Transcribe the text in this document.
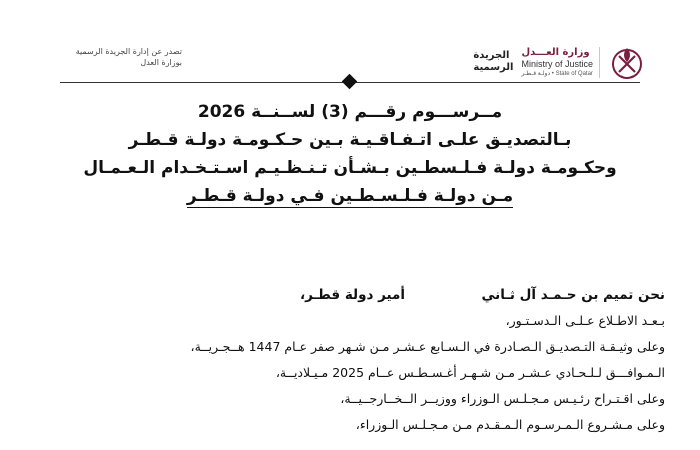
وزارة العـــدل
Ministry of Justice
State of Qatar • دولـة قـطـر
الجريدة
الرسمية
تصدر عن إدارة الجريدة الرسمية
بوزارة العدل
مــرســـوم رقـــم (3) لســنــة 2026
بـالتصديـق علـى اتـفـاقـيـة بـين حـكـومـة دولـة قـطـر
وحكـومـة دولـة فـلـسطـين بـشـأن تـنـظـيـم اسـتـخـدام الـعـمـال
مـن دولـة فـلـسـطـين فـي دولـة قـطـر
نحن تميم بن حـمـد آل ثـاني
أمير دولة قطـر،
بـعـد الاطـلاع عـلـى الـدسـتـور،
وعلى وثيـقـة التـصديـق الـصـادرة في الـسـابع عـشـر مـن شـهر صفر عـام 1447 هــجـريــة،
الـمـوافـــق لـلـحـادي عـشـر مـن شـهـر أغـسـطـس عــام 2025 مـيـلاديــة،
وعلى اقـتـراح رئـيـس مـجـلـس الـوزراء ووزيــر الــخــارجــيــة،
وعلى مـشـروع الـمـرسـوم الـمـقـدم مـن مـجـلـس الـوزراء،
